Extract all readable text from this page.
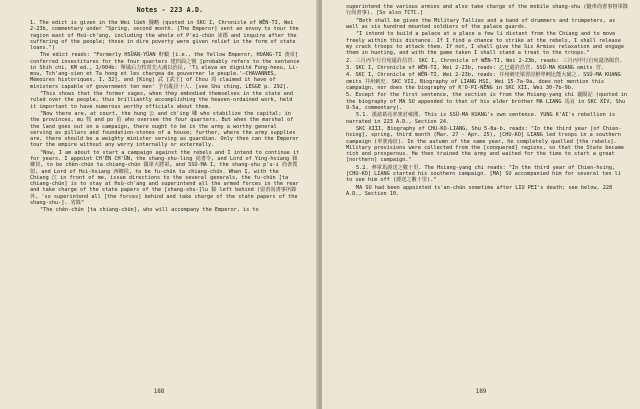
Notes - 223 A.D.

1. The edict is given in the Wei lüeh 魏略 (quoted in SKC I, Chronicle of WÊN-TI, Wei 2-23b, commentary under "Spring, second month. [The Emperor] sent an envoy to tour the region east of Hsü-ch'ang, including the whole of P'ei-chün 沛郡 and inquire after the suffering of the people; those in dire poverty were given relief in the form of state loans.")

The edict reads: "Formerly HSÜAN-YÜAN 軒轅 [i.e., the Yellow Emperor, HUANG-TI 黃帝] conferred investitures for the four quarters 建四面之號 [probably refers to the sentence in Shih chi, KM ed., 1/004b: 舉風后力牧常先大鴻以治民, 'Ti eleva en dignité Fong-heou, Li-mou, Tch'ang-sien et Ta hong et les chargea de gouverner le peuple.'—CHAVANNES, Mémoires historiques, I, 32], and [King] 武 [武王] of Chou 周 claimed it have of ministers capable of government ten men' 予有亂臣十人. [see Shu ching, LEGGE p. 292].

"This shows that the former sages, when they embodied themselves in the state and ruled over the people, thus brilliantly accomplishing the heaven-ordained work, held it important to have numerous worthy officials about them.

"Now there are, at court, the hung 公 and ch'ing 卿 who stabilize the capital; in the provinces, mu 牧 and po 伯 who oversee the four quarters. But when the marshal of the land goes out on a campaign, there ought to be in the army a worthy general serving as pillars and foundation-stones of a house; further, where the army supplies are, there should be a weighty minister serving as guardian. Only then can the Emperor tour the empire without any worry internally or externally.

"Now, I am about to start a campaign against the rebels and I intend to continue it for years. I appoint CH'ÊN CH'ÜN, the shang-shu-ling 尚書令, and Lord of Ying-hsiang 穎鄉侯, to be chên-chün ta chiang-chün 鎮軍大將軍, and SSŬ-MA I, the shang-shu p'u-i 尚書僕射, and Lord of Hsi-hsiang 西鄉侯, to be fu-chün ta chiang-chün. When I, with the Chiang 江 in front of me, issue directions to the several generals, the fu-chün [ta chiang-chün] is to stay at Hsü-ch'ang and superintend all the armed forces in the rear and take charge of the state papers of the [shang-shu-]lu 錄 left behind (留者尚書事所錄外, 'so superintend all [the forces] behind and take charge of the state papers of the shang-shu-]. 省錄"

"The chên-chün [ta chiang-chün], who will accompany the Emperor, is to

188

superintend the various armies and also take charge of the mobile shang-shu (隨車尚書事督軍錄行尚書事). [So also TCTC.]

"Both shall be given the Military Tallies and a band of drummers and trumpeters, as well as six hundred mounted soldiers of the palace guards.

"I intend to build a palace at a place a few li distant from the Chiang and to move freely within this distance. If I find a chance to strike at the rebels, I shall release my crack troops to attack them. If not, I shall give the Six Armies relaxation and engage them in hunting, and with the game taken I shall stand a treat to the troops."

2. 三月丙午行自宛還許昌宮. SKC I, Chronicle of WÊN-TI, Wei 2-23b, reads: 三月丙申行自宛還洛陽宮.

3. SKC I, Chronicle of WÊN-TI, Wei 2-23b, reads: 乙巳還許昌宮. SSŬ-MA KUANG omits 宮.

4. SKC I, Chronicle of WÊN-TI, Wei 2-23b, reads: 井州刺史梁習討鮮卑軻比能大破之. SSŬ-MA KUANG omits 井州刺史. SKC VII, Biography of LIANG HSI, Wei 15-7a-9a, does not mention this campaign, nor does the biography of K'O-PI-NÊNG in SKC XII, Wei 30-7b-9b.

5. Except for the first sentence, the section is from the Hsiang-yang chi 襄陽記 (quoted in the biography of MA SU appended to that of his elder brother MA LIANG 馬良 in SKC XIV, Shu 9-5a, commentary).

5.1. 漢諸葛亮率衆討雍闓. This is SSŬ-MA KUANG's own sentence. YUNG K'AI's rebellion is narrated in 223 A.D., Section 24.

SKC XIII, Biography of CHU-KO-LIANG, Shu 5-8a-b, reads: "In the third year [of Chien-hsing], spring, third month (Mar. 27 - Apr. 25), [CHU-KO] LIANG led troops in a southern campaign (率衆南征). In the autumn of the same year, he completely quelled [the rebels]. Military provisions were collected from the [conquered] regions, so that the State became rich and prosperous. He then trained the army and waited for the time to start a great [northern] campaign."

5.2. 參軍馬謖送之數十里. The Hsiang-yang chi reads: "In the third year of Chien-hsing, [CHU-KO] LIANG started his southern campaign. [MA] SU accompanied him for several ten li to see him off (謖送之數十里)."

MA SU had been appointed ts'an-chün sometime after LIU PEI's death; see below, 228 A.D., Section 10.

189
